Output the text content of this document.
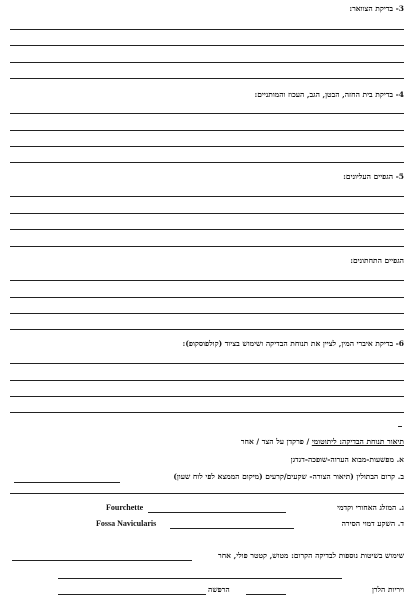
3- בדיקת הצוואר:
4- בדיקת בית החזה, הבטן, הגב, העכוז והמותניים:
5- הגפיים העליונים:
הגפיים התחתונים:
6- בדיקת איברי המין, לציין את תנוחת הבדיקה ושימוש בציוד (קולפוסקופ):
תיאור תנוחת הבדיקה: ליתוטומי / פרקדן על הצד / אחר
א. מפשעות-מבוא הערוה-שופכה-דגדגן
ב. קרום הבתולין (תיאור הצורה- שקעים/קרעים (מיקום הממצא לפי לוח שעון)
ג. המזלג האחורי וקדמי
Fourchette
ד. השקע דמוי הסירה
Fossa Navicularis
שימוש בשיטות נוספות לבדיקה הקרום: מטוש, קטטר פולי, אחר
ויריות הלרן
הרפשה
